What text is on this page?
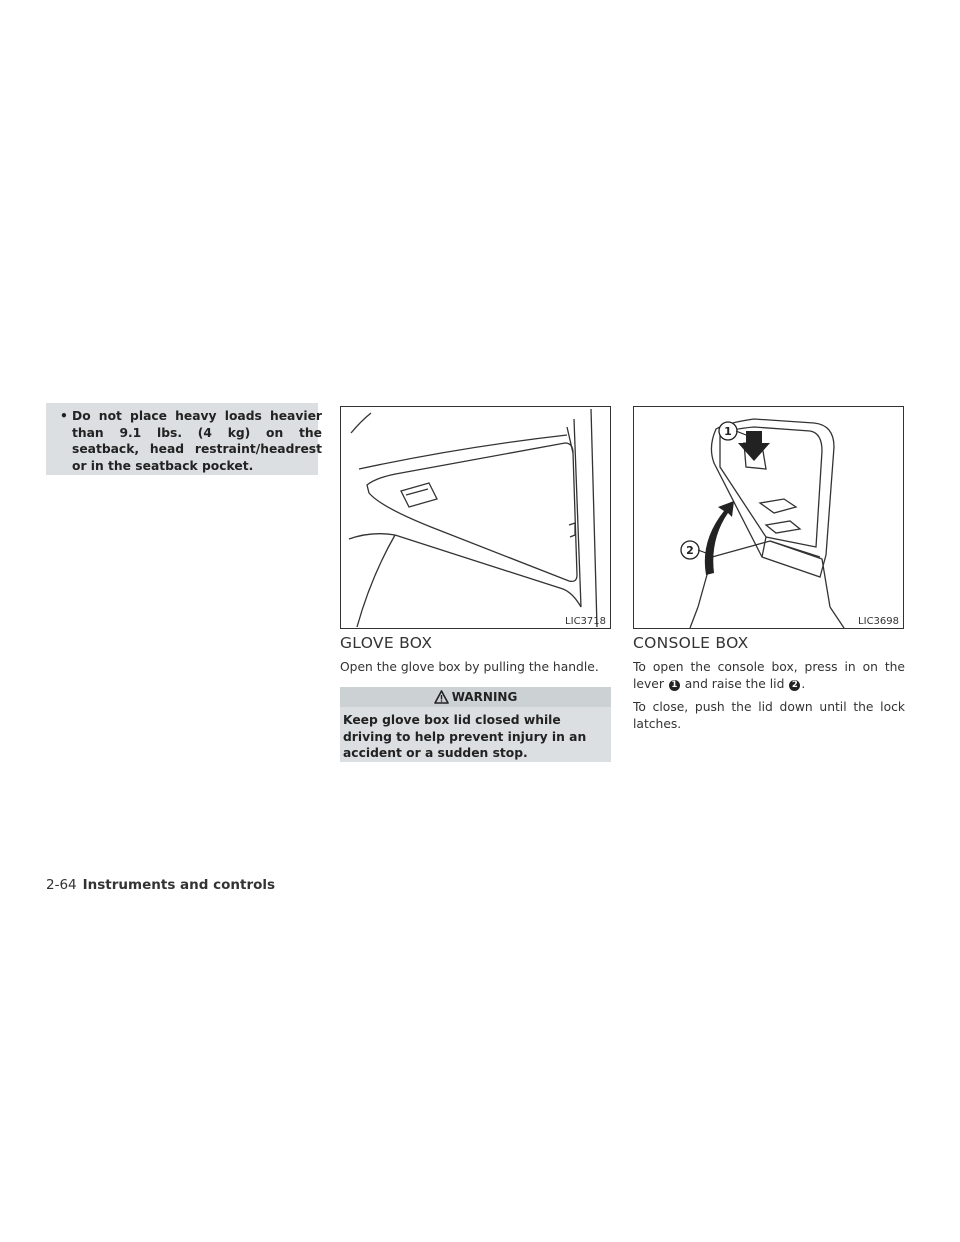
• Do not place heavy loads heavier than 9.1 lbs. (4 kg) on the seatback, head restraint/headrest or in the seatback pocket.
LIC3718
1
2
LIC3698
GLOVE BOX
Open the glove box by pulling the handle.
WARNING
Keep glove box lid closed while driving to help prevent injury in an accident or a sudden stop.
CONSOLE BOX
To open the console box, press in on the lever 1 and raise the lid 2 .
To close, push the lid down until the lock latches.
2-64 Instruments and controls
